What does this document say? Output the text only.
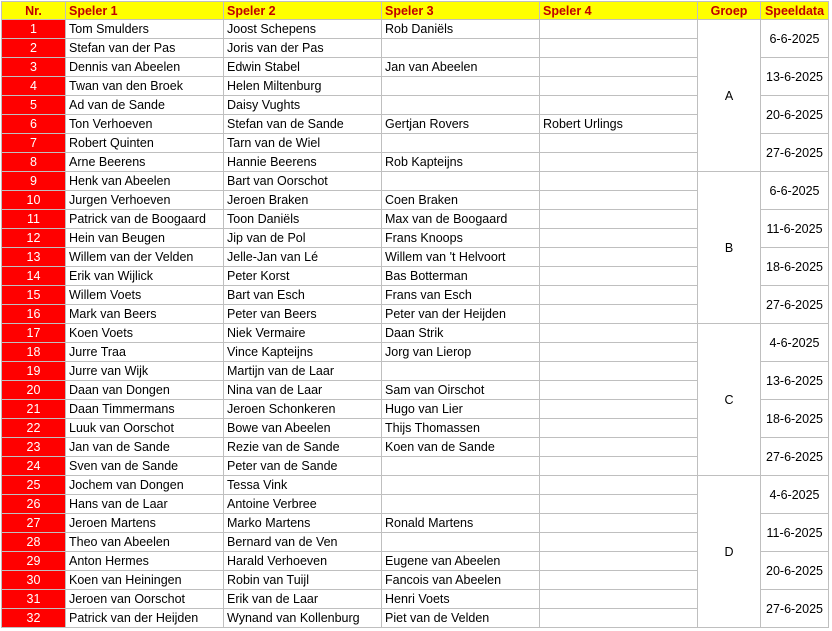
Nr.	Speler 1	Speler 2	Speler 3	Speler 4	Groep	Speeldata
1	Tom Smulders	Joost Schepens	Rob Daniëls		A	6-6-2025
2	Stefan van der Pas	Joris van der Pas				
3	Dennis van Abeelen	Edwin Stabel	Jan van Abeelen			13-6-2025
4	Twan van den Broek	Helen Miltenburg				
5	Ad van de Sande	Daisy Vughts				20-6-2025
6	Ton Verhoeven	Stefan van de Sande	Gertjan Rovers	Robert Urlings		
7	Robert Quinten	Tarn van de Wiel				27-6-2025
8	Arne Beerens	Hannie Beerens	Rob Kapteijns			
9	Henk van Abeelen	Bart van Oorschot			B	6-6-2025
10	Jurgen Verhoeven	Jeroen Braken	Coen Braken			
11	Patrick van de Boogaard	Toon Daniëls	Max van de Boogaard			11-6-2025
12	Hein van Beugen	Jip van de Pol	Frans Knoops			
13	Willem van der Velden	Jelle-Jan van Lé	Willem van 't Helvoort			18-6-2025
14	Erik van Wijlick	Peter Korst	Bas Botterman			
15	Willem Voets	Bart van Esch	Frans van Esch			27-6-2025
16	Mark van Beers	Peter van Beers	Peter van der Heijden			
17	Koen Voets	Niek Vermaire	Daan Strik		C	4-6-2025
18	Jurre Traa	Vince Kapteijns	Jorg van Lierop			
19	Jurre van Wijk	Martijn van de Laar				13-6-2025
20	Daan van Dongen	Nina van de Laar	Sam van Oirschot			
21	Daan Timmermans	Jeroen Schonkeren	Hugo van Lier			18-6-2025
22	Luuk van Oorschot	Bowe van Abeelen	Thijs Thomassen			
23	Jan van de Sande	Rezie van de Sande	Koen van de Sande			27-6-2025
24	Sven van de Sande	Peter van de Sande				
25	Jochem van Dongen	Tessa Vink			D	4-6-2025
26	Hans van de Laar	Antoine Verbree				
27	Jeroen Martens	Marko Martens	Ronald Martens			11-6-2025
28	Theo van Abeelen	Bernard van de Ven				
29	Anton Hermes	Harald Verhoeven	Eugene van Abeelen			20-6-2025
30	Koen van Heiningen	Robin van Tuijl	Fancois van Abeelen			
31	Jeroen van Oorschot	Erik van de Laar	Henri Voets			27-6-2025
32	Patrick van der Heijden	Wynand van Kollenburg	Piet van de Velden			
